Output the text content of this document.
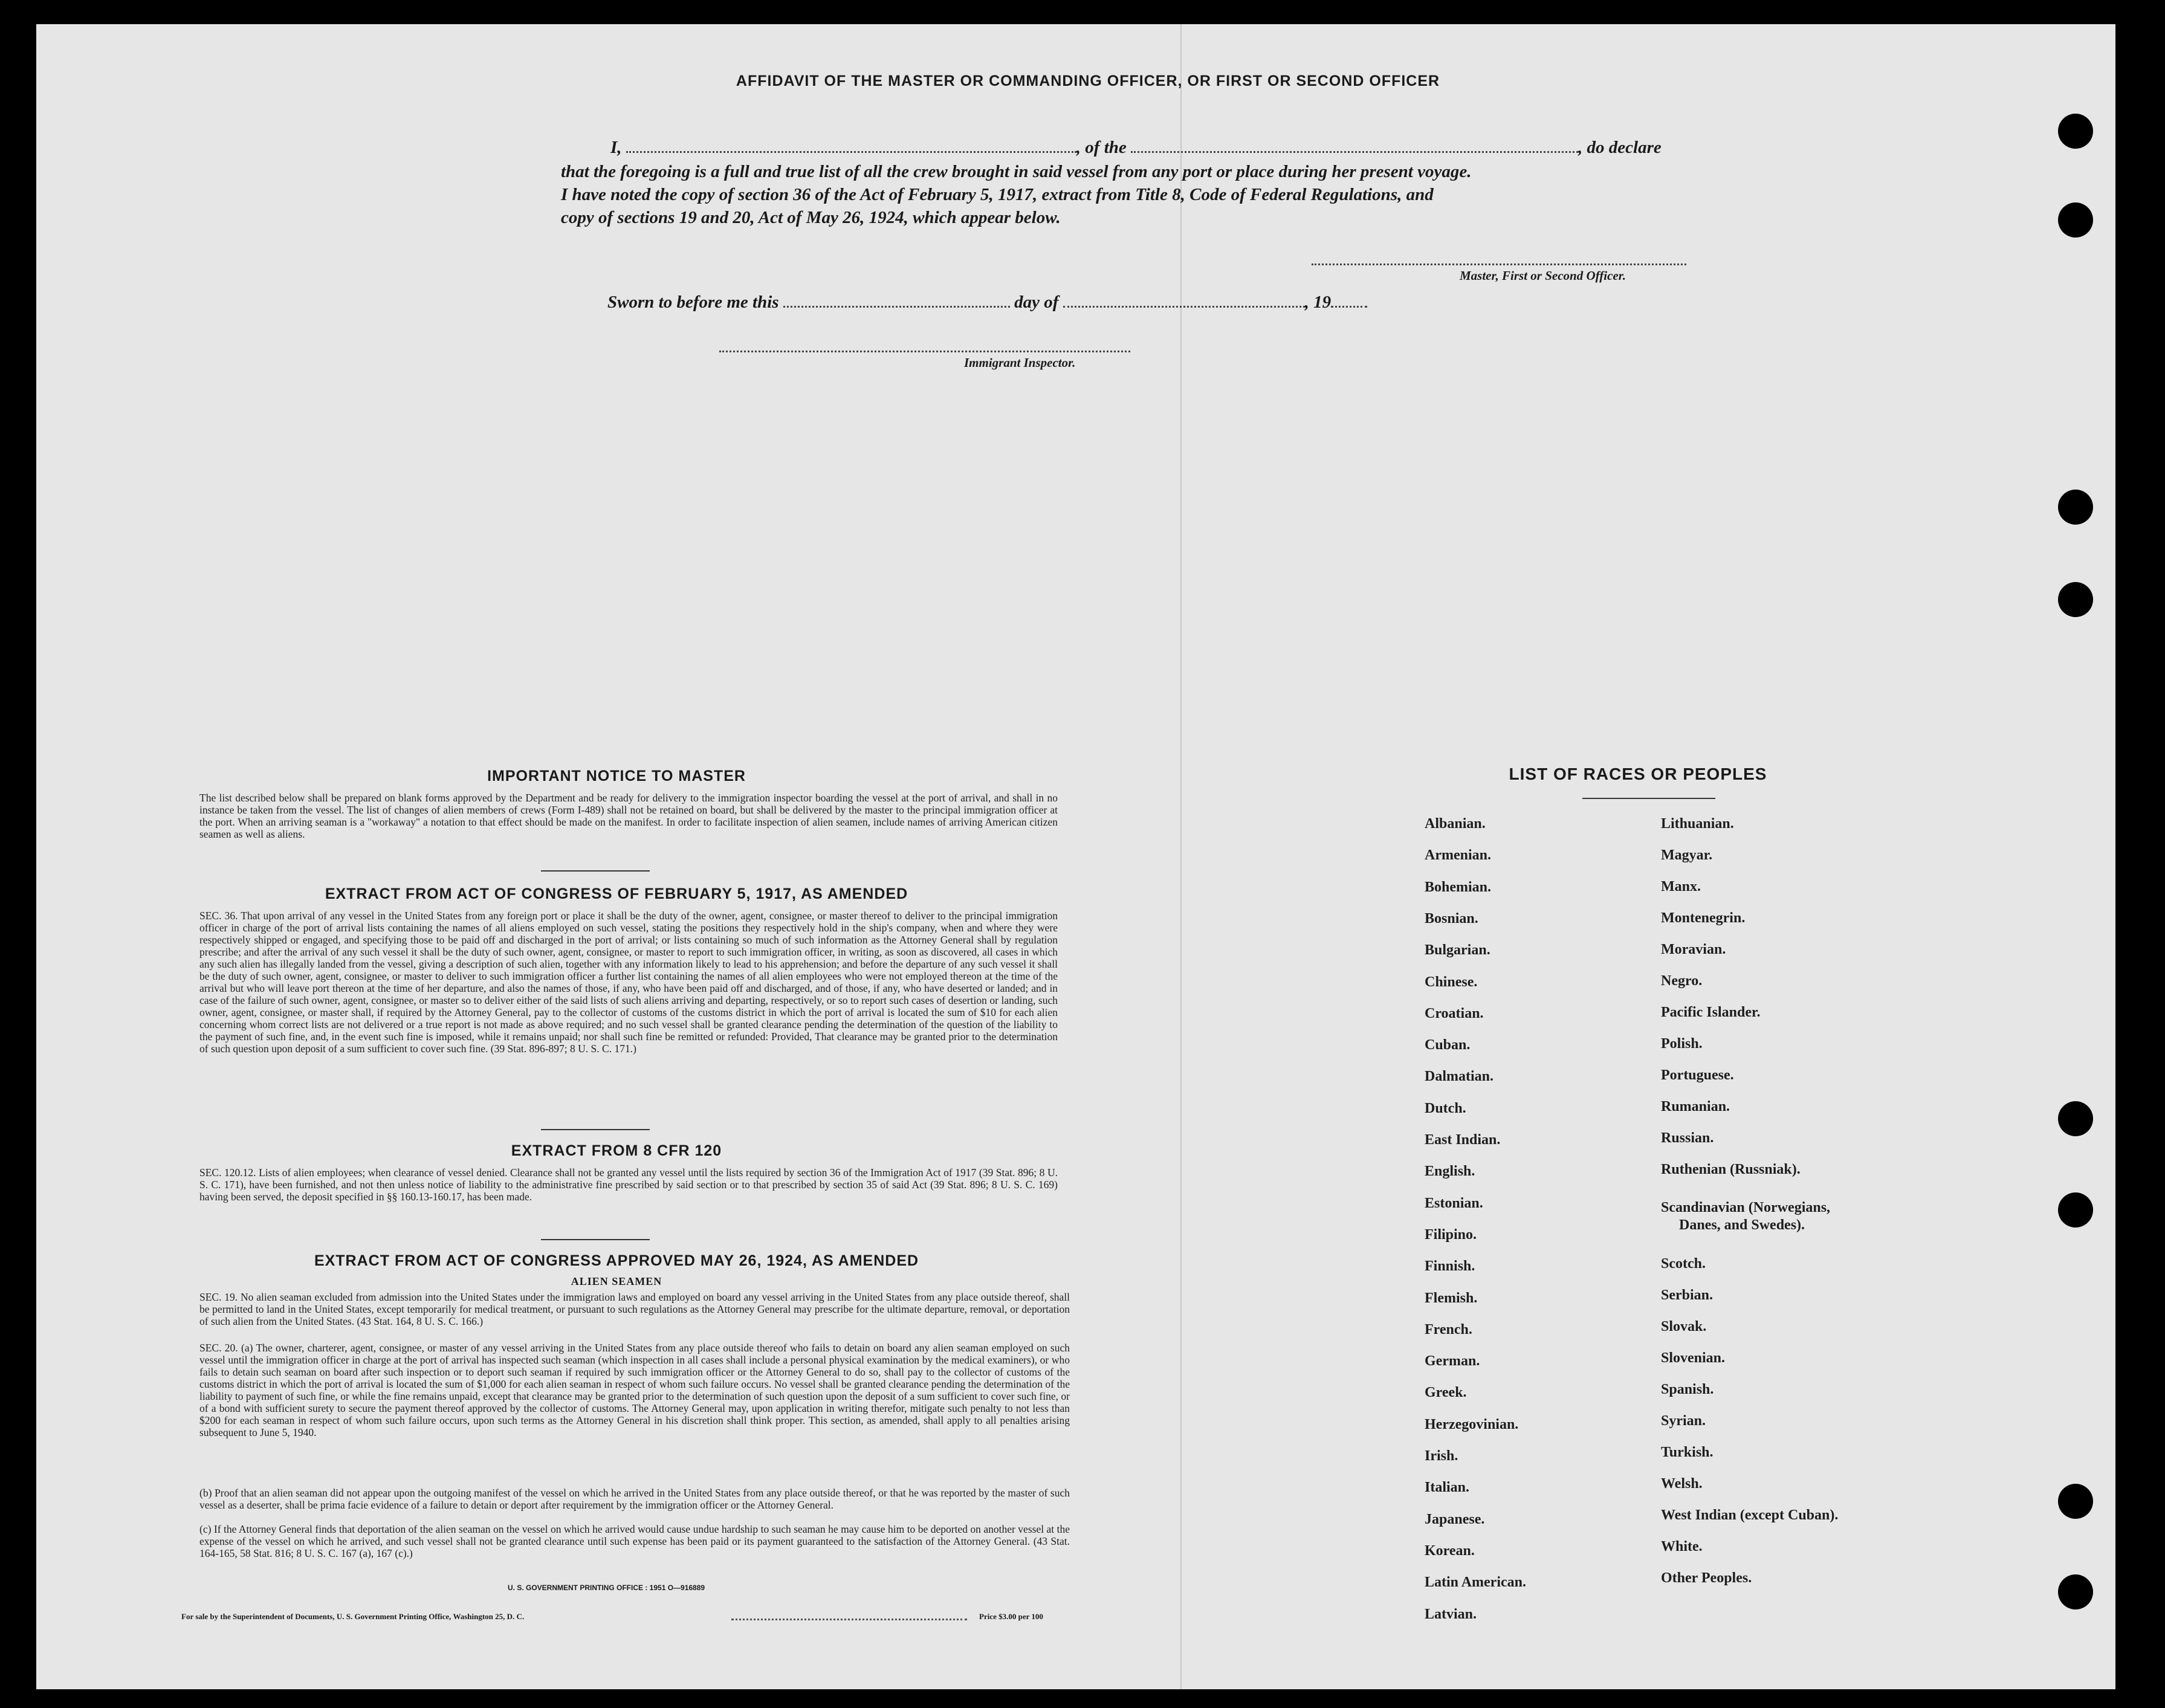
AFFIDAVIT OF THE MASTER OR COMMANDING OFFICER, OR FIRST OR SECOND OFFICER
I,	, of the	, do declare
that the foregoing is a full and true list of all the crew brought in said vessel from any port or place during her present voyage.
I have noted the copy of section 36 of the Act of February 5, 1917, extract from Title 8, Code of Federal Regulations, and
copy of sections 19 and 20, Act of May 26, 1924, which appear below.
Master, First or Second Officer.
Sworn to before me this	day of	, 19
Immigrant Inspector.
IMPORTANT NOTICE TO MASTER
The list described below shall be prepared on blank forms approved by the Department and be ready for delivery to the immigration inspector boarding the vessel at the port of arrival, and shall in no instance be taken from the vessel. The list of changes of alien members of crews (Form I-489) shall not be retained on board, but shall be delivered by the master to the principal immigration officer at the port. When an arriving seaman is a "workaway" a notation to that effect should be made on the manifest. In order to facilitate inspection of alien seamen, include names of arriving American citizen seamen as well as aliens.
EXTRACT FROM ACT OF CONGRESS OF FEBRUARY 5, 1917, AS AMENDED
SEC. 36. That upon arrival of any vessel in the United States from any foreign port or place it shall be the duty of the owner, agent, consignee, or master thereof to deliver to the principal immigration officer in charge of the port of arrival lists containing the names of all aliens employed on such vessel, stating the positions they respectively hold in the ship's company, when and where they were respectively shipped or engaged, and specifying those to be paid off and discharged in the port of arrival; or lists containing so much of such information as the Attorney General shall by regulation prescribe; and after the arrival of any such vessel it shall be the duty of such owner, agent, consignee, or master to report to such immigration officer, in writing, as soon as discovered, all cases in which any such alien has illegally landed from the vessel, giving a description of such alien, together with any information likely to lead to his apprehension; and before the departure of any such vessel it shall be the duty of such owner, agent, consignee, or master to deliver to such immigration officer a further list containing the names of all alien employees who were not employed thereon at the time of the arrival but who will leave port thereon at the time of her departure, and also the names of those, if any, who have been paid off and discharged, and of those, if any, who have deserted or landed; and in case of the failure of such owner, agent, consignee, or master so to deliver either of the said lists of such aliens arriving and departing, respectively, or so to report such cases of desertion or landing, such owner, agent, consignee, or master shall, if required by the Attorney General, pay to the collector of customs of the customs district in which the port of arrival is located the sum of $10 for each alien concerning whom correct lists are not delivered or a true report is not made as above required; and no such vessel shall be granted clearance pending the determination of the question of the liability to the payment of such fine, and, in the event such fine is imposed, while it remains unpaid; nor shall such fine be remitted or refunded: Provided, That clearance may be granted prior to the determination of such question upon deposit of a sum sufficient to cover such fine. (39 Stat. 896-897; 8 U. S. C. 171.)
EXTRACT FROM 8 CFR 120
SEC. 120.12. Lists of alien employees; when clearance of vessel denied. Clearance shall not be granted any vessel until the lists required by section 36 of the Immigration Act of 1917 (39 Stat. 896; 8 U. S. C. 171), have been furnished, and not then unless notice of liability to the administrative fine prescribed by said section or to that prescribed by section 35 of said Act (39 Stat. 896; 8 U. S. C. 169) having been served, the deposit specified in §§ 160.13-160.17, has been made.
EXTRACT FROM ACT OF CONGRESS APPROVED MAY 26, 1924, AS AMENDED
ALIEN SEAMEN
SEC. 19. No alien seaman excluded from admission into the United States under the immigration laws and employed on board any vessel arriving in the United States from any place outside thereof, shall be permitted to land in the United States, except temporarily for medical treatment, or pursuant to such regulations as the Attorney General may prescribe for the ultimate departure, removal, or deportation of such alien from the United States. (43 Stat. 164, 8 U. S. C. 166.)
SEC. 20. (a) The owner, charterer, agent, consignee, or master of any vessel arriving in the United States from any place outside thereof who fails to detain on board any alien seaman employed on such vessel until the immigration officer in charge at the port of arrival has inspected such seaman (which inspection in all cases shall include a personal physical examination by the medical examiners), or who fails to detain such seaman on board after such inspection or to deport such seaman if required by such immigration officer or the Attorney General to do so, shall pay to the collector of customs of the customs district in which the port of arrival is located the sum of $1,000 for each alien seaman in respect of whom such failure occurs. No vessel shall be granted clearance pending the determination of the liability to payment of such fine, or while the fine remains unpaid, except that clearance may be granted prior to the determination of such question upon the deposit of a sum sufficient to cover such fine, or of a bond with sufficient surety to secure the payment thereof approved by the collector of customs. The Attorney General may, upon application in writing therefor, mitigate such penalty to not less than $200 for each seaman in respect of whom such failure occurs, upon such terms as the Attorney General in his discretion shall think proper. This section, as amended, shall apply to all penalties arising subsequent to June 5, 1940.
(b) Proof that an alien seaman did not appear upon the outgoing manifest of the vessel on which he arrived in the United States from any place outside thereof, or that he was reported by the master of such vessel as a deserter, shall be prima facie evidence of a failure to detain or deport after requirement by the immigration officer or the Attorney General.
(c) If the Attorney General finds that deportation of the alien seaman on the vessel on which he arrived would cause undue hardship to such seaman he may cause him to be deported on another vessel at the expense of the vessel on which he arrived, and such vessel shall not be granted clearance until such expense has been paid or its payment guaranteed to the satisfaction of the Attorney General. (43 Stat. 164-165, 58 Stat. 816; 8 U. S. C. 167 (a), 167 (c).)
U. S. GOVERNMENT PRINTING OFFICE : 1951 O—916889
For sale by the Superintendent of Documents, U. S. Government Printing Office, Washington 25, D. C.	Price $3.00 per 100
LIST OF RACES OR PEOPLES
Albanian.
Armenian.
Bohemian.
Bosnian.
Bulgarian.
Chinese.
Croatian.
Cuban.
Dalmatian.
Dutch.
East Indian.
English.
Estonian.
Filipino.
Finnish.
Flemish.
French.
German.
Greek.
Herzegovinian.
Irish.
Italian.
Japanese.
Korean.
Latin American.
Latvian.
Lithuanian.
Magyar.
Manx.
Montenegrin.
Moravian.
Negro.
Pacific Islander.
Polish.
Portuguese.
Rumanian.
Russian.
Ruthenian (Russniak).
Scandinavian (Norwegians,
Danes, and Swedes).
Scotch.
Serbian.
Slovak.
Slovenian.
Spanish.
Syrian.
Turkish.
Welsh.
West Indian (except Cuban).
White.
Other Peoples.
